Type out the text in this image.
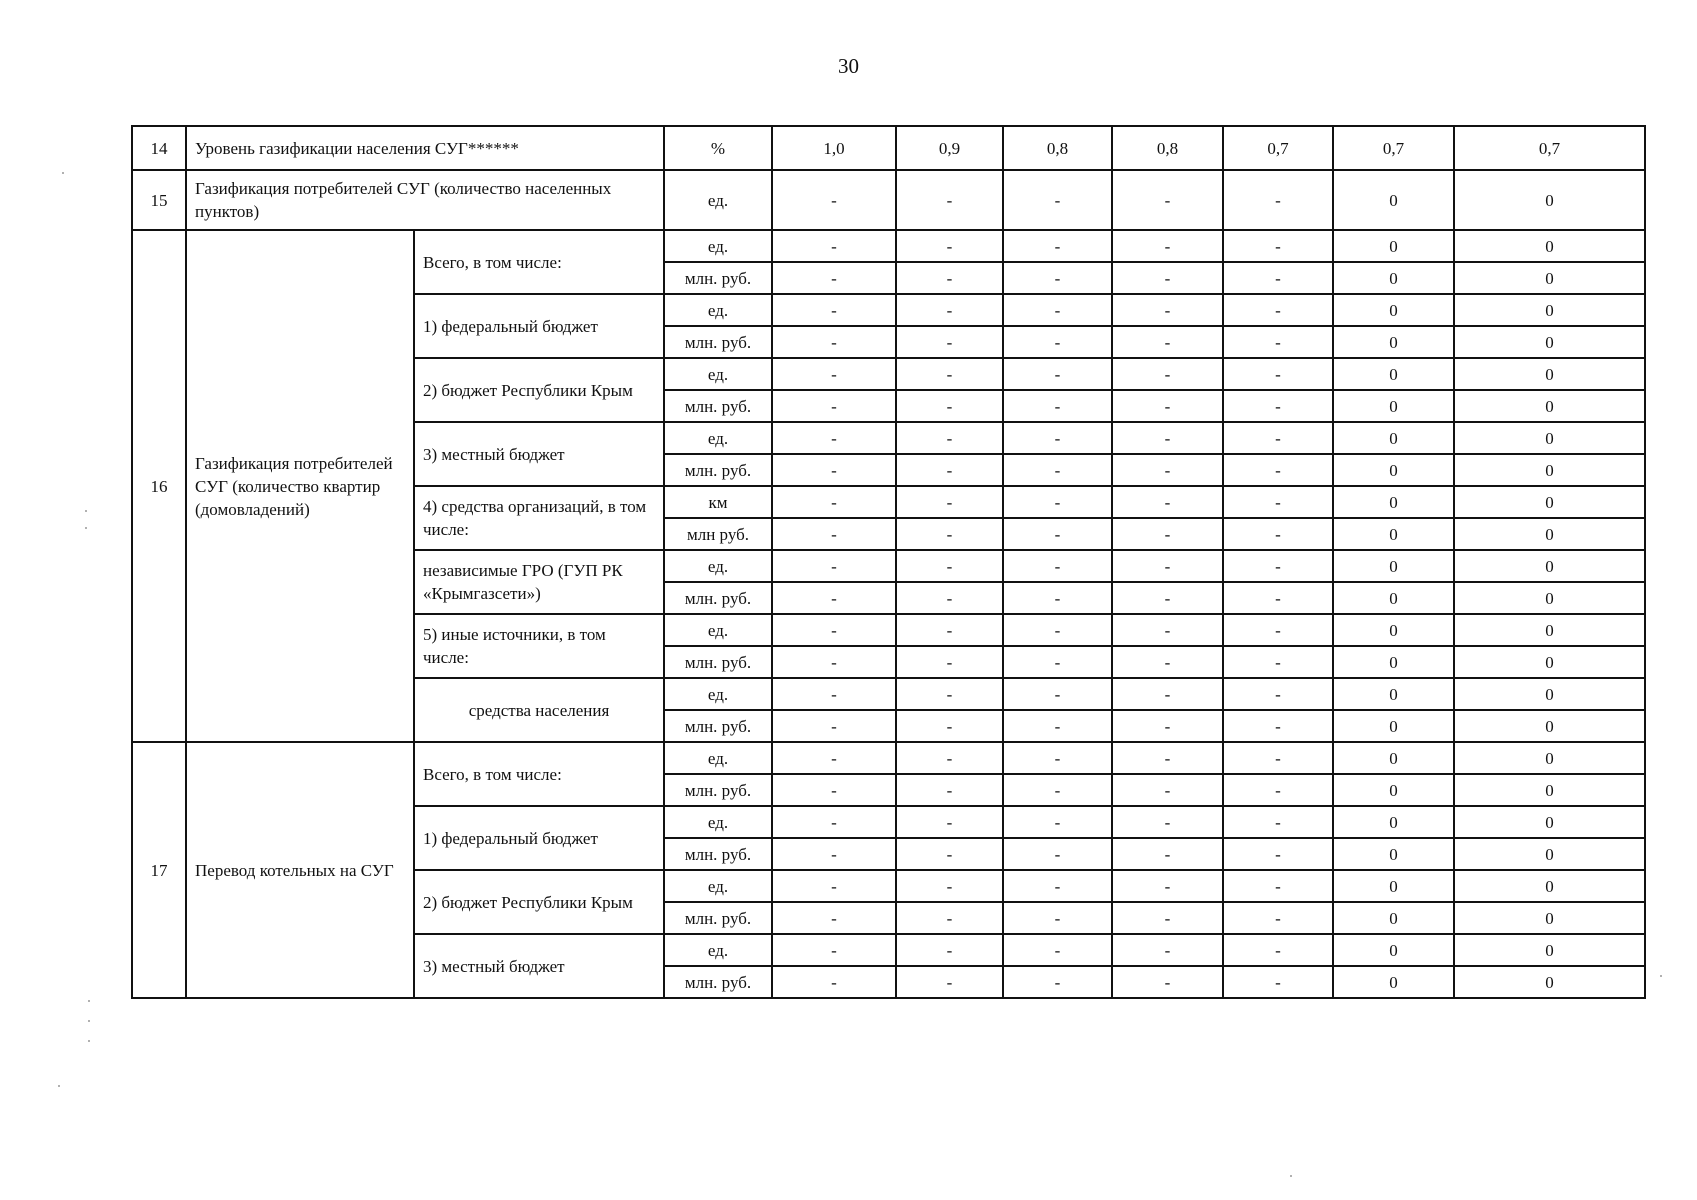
30
14	Уровень газификации населения СУГ******		%	1,0	0,9	0,8	0,8	0,7	0,7	0,7
15	Газификация потребителей СУГ (количество населенных пунктов)		ед.	-	-	-	-	-	0	0
16	Газификация потребителей СУГ (количество квартир (домовладений)	Всего, в том числе:	ед.	-	-	-	-	-	0	0
			млн. руб.	-	-	-	-	-	0	0
		1) федеральный бюджет	ед.	-	-	-	-	-	0	0
			млн. руб.	-	-	-	-	-	0	0
		2) бюджет Республики Крым	ед.	-	-	-	-	-	0	0
			млн. руб.	-	-	-	-	-	0	0
		3) местный бюджет	ед.	-	-	-	-	-	0	0
			млн. руб.	-	-	-	-	-	0	0
		4) средства организаций, в том числе:	км	-	-	-	-	-	0	0
			млн руб.	-	-	-	-	-	0	0
		независимые ГРО (ГУП РК «Крымгазсети»)	ед.	-	-	-	-	-	0	0
			млн. руб.	-	-	-	-	-	0	0
		5) иные источники, в том числе:	ед.	-	-	-	-	-	0	0
			млн. руб.	-	-	-	-	-	0	0
		средства населения	ед.	-	-	-	-	-	0	0
			млн. руб.	-	-	-	-	-	0	0
17	Перевод котельных на СУГ	Всего, в том числе:	ед.	-	-	-	-	-	0	0
			млн. руб.	-	-	-	-	-	0	0
		1) федеральный бюджет	ед.	-	-	-	-	-	0	0
			млн. руб.	-	-	-	-	-	0	0
		2) бюджет Республики Крым	ед.	-	-	-	-	-	0	0
			млн. руб.	-	-	-	-	-	0	0
		3) местный бюджет	ед.	-	-	-	-	-	0	0
			млн. руб.	-	-	-	-	-	0	0
